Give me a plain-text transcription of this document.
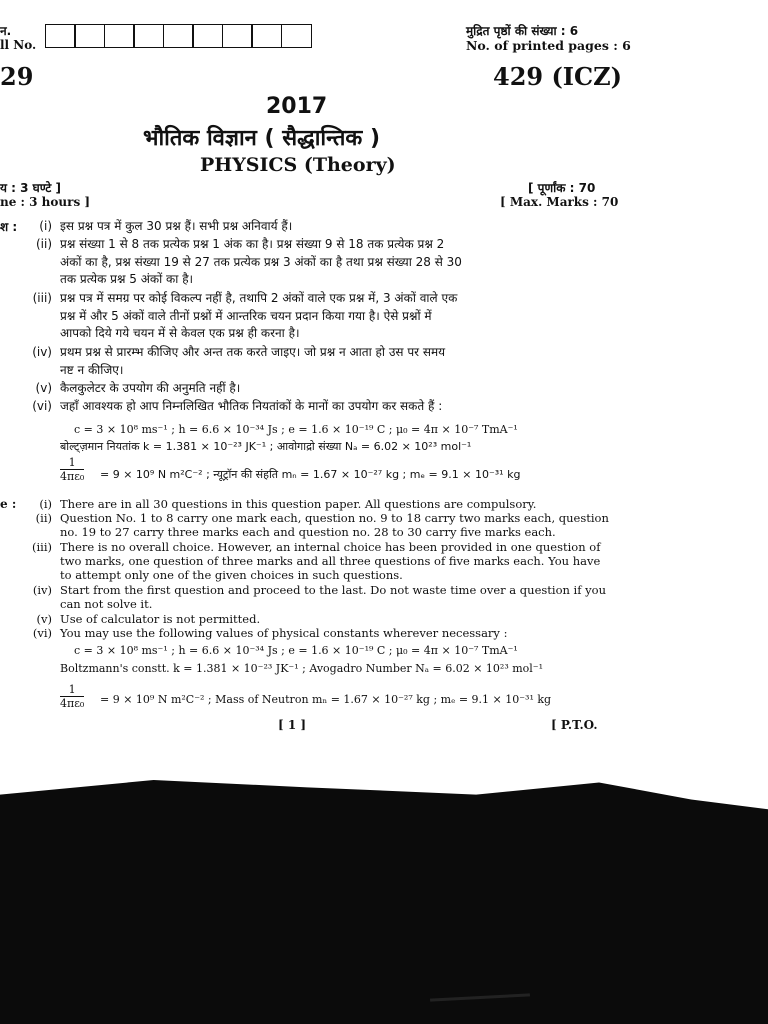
न.
ll No.
मुद्रित पृष्ठों की संख्या : 6
No. of printed pages : 6
29	429 (ICZ)
2017
भौतिक विज्ञान ( सैद्धान्तिक )
PHYSICS (Theory)
य : 3 घण्टे ]
ne : 3 hours ]
[ पूर्णांक : 70
[ Max. Marks : 70
श :	(i) इस प्रश्न पत्र में कुल 30 प्रश्न हैं। सभी प्रश्न अनिवार्य हैं।
(ii) प्रश्न संख्या 1 से 8 तक प्रत्येक प्रश्न 1 अंक का है। प्रश्न संख्या 9 से 18 तक प्रत्येक प्रश्न 2
अंकों का है, प्रश्न संख्या 19 से 27 तक प्रत्येक प्रश्न 3 अंकों का है तथा प्रश्न संख्या 28 से 30
तक प्रत्येक प्रश्न 5 अंकों का है।
(iii) प्रश्न पत्र में समग्र पर कोई विकल्प नहीं है, तथापि 2 अंकों वाले एक प्रश्न में, 3 अंकों वाले एक
प्रश्न में और 5 अंकों वाले तीनों प्रश्नों में आन्तरिक चयन प्रदान किया गया है। ऐसे प्रश्नों में
आपको दिये गये चयन में से केवल एक प्रश्न ही करना है।
(iv) प्रथम प्रश्न से प्रारम्भ कीजिए और अन्त तक करते जाइए। जो प्रश्न न आता हो उस पर समय
नष्ट न कीजिए।
(v) कैलकुलेटर के उपयोग की अनुमति नहीं है।
(vi) जहाँ आवश्यक हो आप निम्नलिखित भौतिक नियतांकों के मानों का उपयोग कर सकते हैं :
c = 3 × 10⁸ ms⁻¹ ; h = 6.6 × 10⁻³⁴ Js ; e = 1.6 × 10⁻¹⁹ C ; μ₀ = 4π × 10⁻⁷ TmA⁻¹
बोल्ट्ज़मान नियतांक k = 1.381 × 10⁻²³ JK⁻¹ ; आवोगाद्रो संख्या Nₐ = 6.02 × 10²³ mol⁻¹
$\frac{1}{\text{4πε₀}} = 9 \times 10^9$ N m²C⁻² ; न्यूट्रॉन की संहति mₙ = 1.67 × 10⁻²⁷ kg ; mₑ = 9.1 × 10⁻³¹ kg
e :	(i) There are in all 30 questions in this question paper. All questions are compulsory.
(ii) Question No. 1 to 8 carry one mark each, question no. 9 to 18 carry two marks each, question
no. 19 to 27 carry three marks each and question no. 28 to 30 carry five marks each.
(iii) There is no overall choice. However, an internal choice has been provided in one question of
two marks, one question of three marks and all three questions of five marks each. You have
to attempt only one of the given choices in such questions.
(iv) Start from the first question and proceed to the last. Do not waste time over a question if you
can not solve it.
(v) Use of calculator is not permitted.
(vi) You may use the following values of physical constants wherever necessary :
c = 3 × 10⁸ ms⁻¹ ; h = 6.6 × 10⁻³⁴ Js ; e = 1.6 × 10⁻¹⁹ C ; μ₀ = 4π × 10⁻⁷ TmA⁻¹
Boltzmann's constt. k = 1.381 × 10⁻²³ JK⁻¹ ; Avogadro Number Nₐ = 6.02 × 10²³ mol⁻¹
$\frac{1}{\text{4πε₀}} = 9 \times 10^9$ N m²C⁻² ; Mass of Neutron mₙ = 1.67 × 10⁻²⁷ kg ; mₑ = 9.1 × 10⁻³¹ kg
[ 1 ]	[ P.T.O.
